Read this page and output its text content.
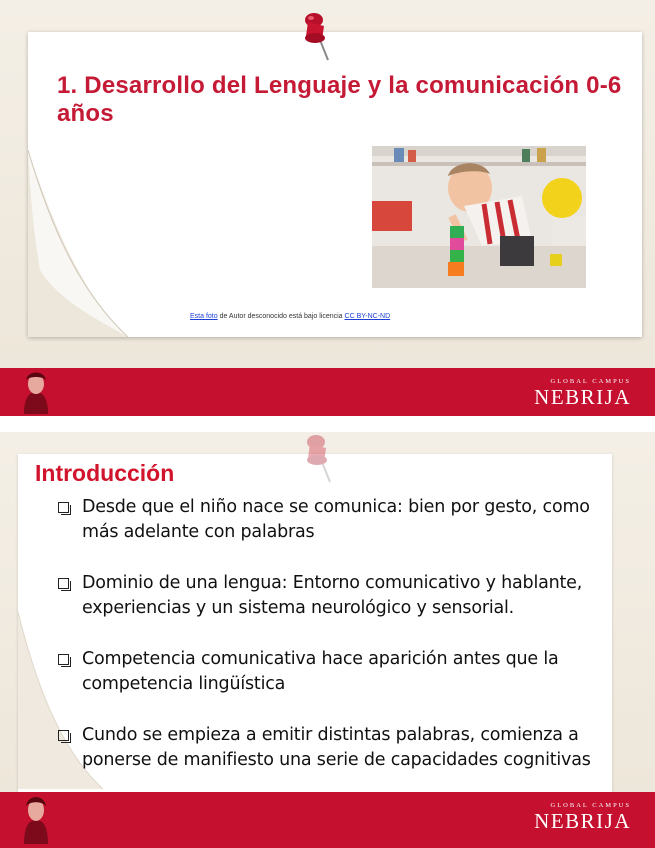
1. Desarrollo del Lenguaje y la comunicación 0-6 años
Esta foto de Autor desconocido está bajo licencia CC BY-NC-ND
GLOBAL CAMPUS
NEBRIJA
Introducción
Desde que el niño nace se comunica: bien por gesto, como más adelante con palabras
Dominio de una lengua: Entorno comunicativo y hablante, experiencias y un sistema neurológico y sensorial.
Competencia comunicativa hace aparición antes que la competencia lingüística
Cundo se empieza a emitir distintas palabras, comienza a ponerse de manifiesto una serie de capacidades cognitivas
GLOBAL CAMPUS
NEBRIJA
